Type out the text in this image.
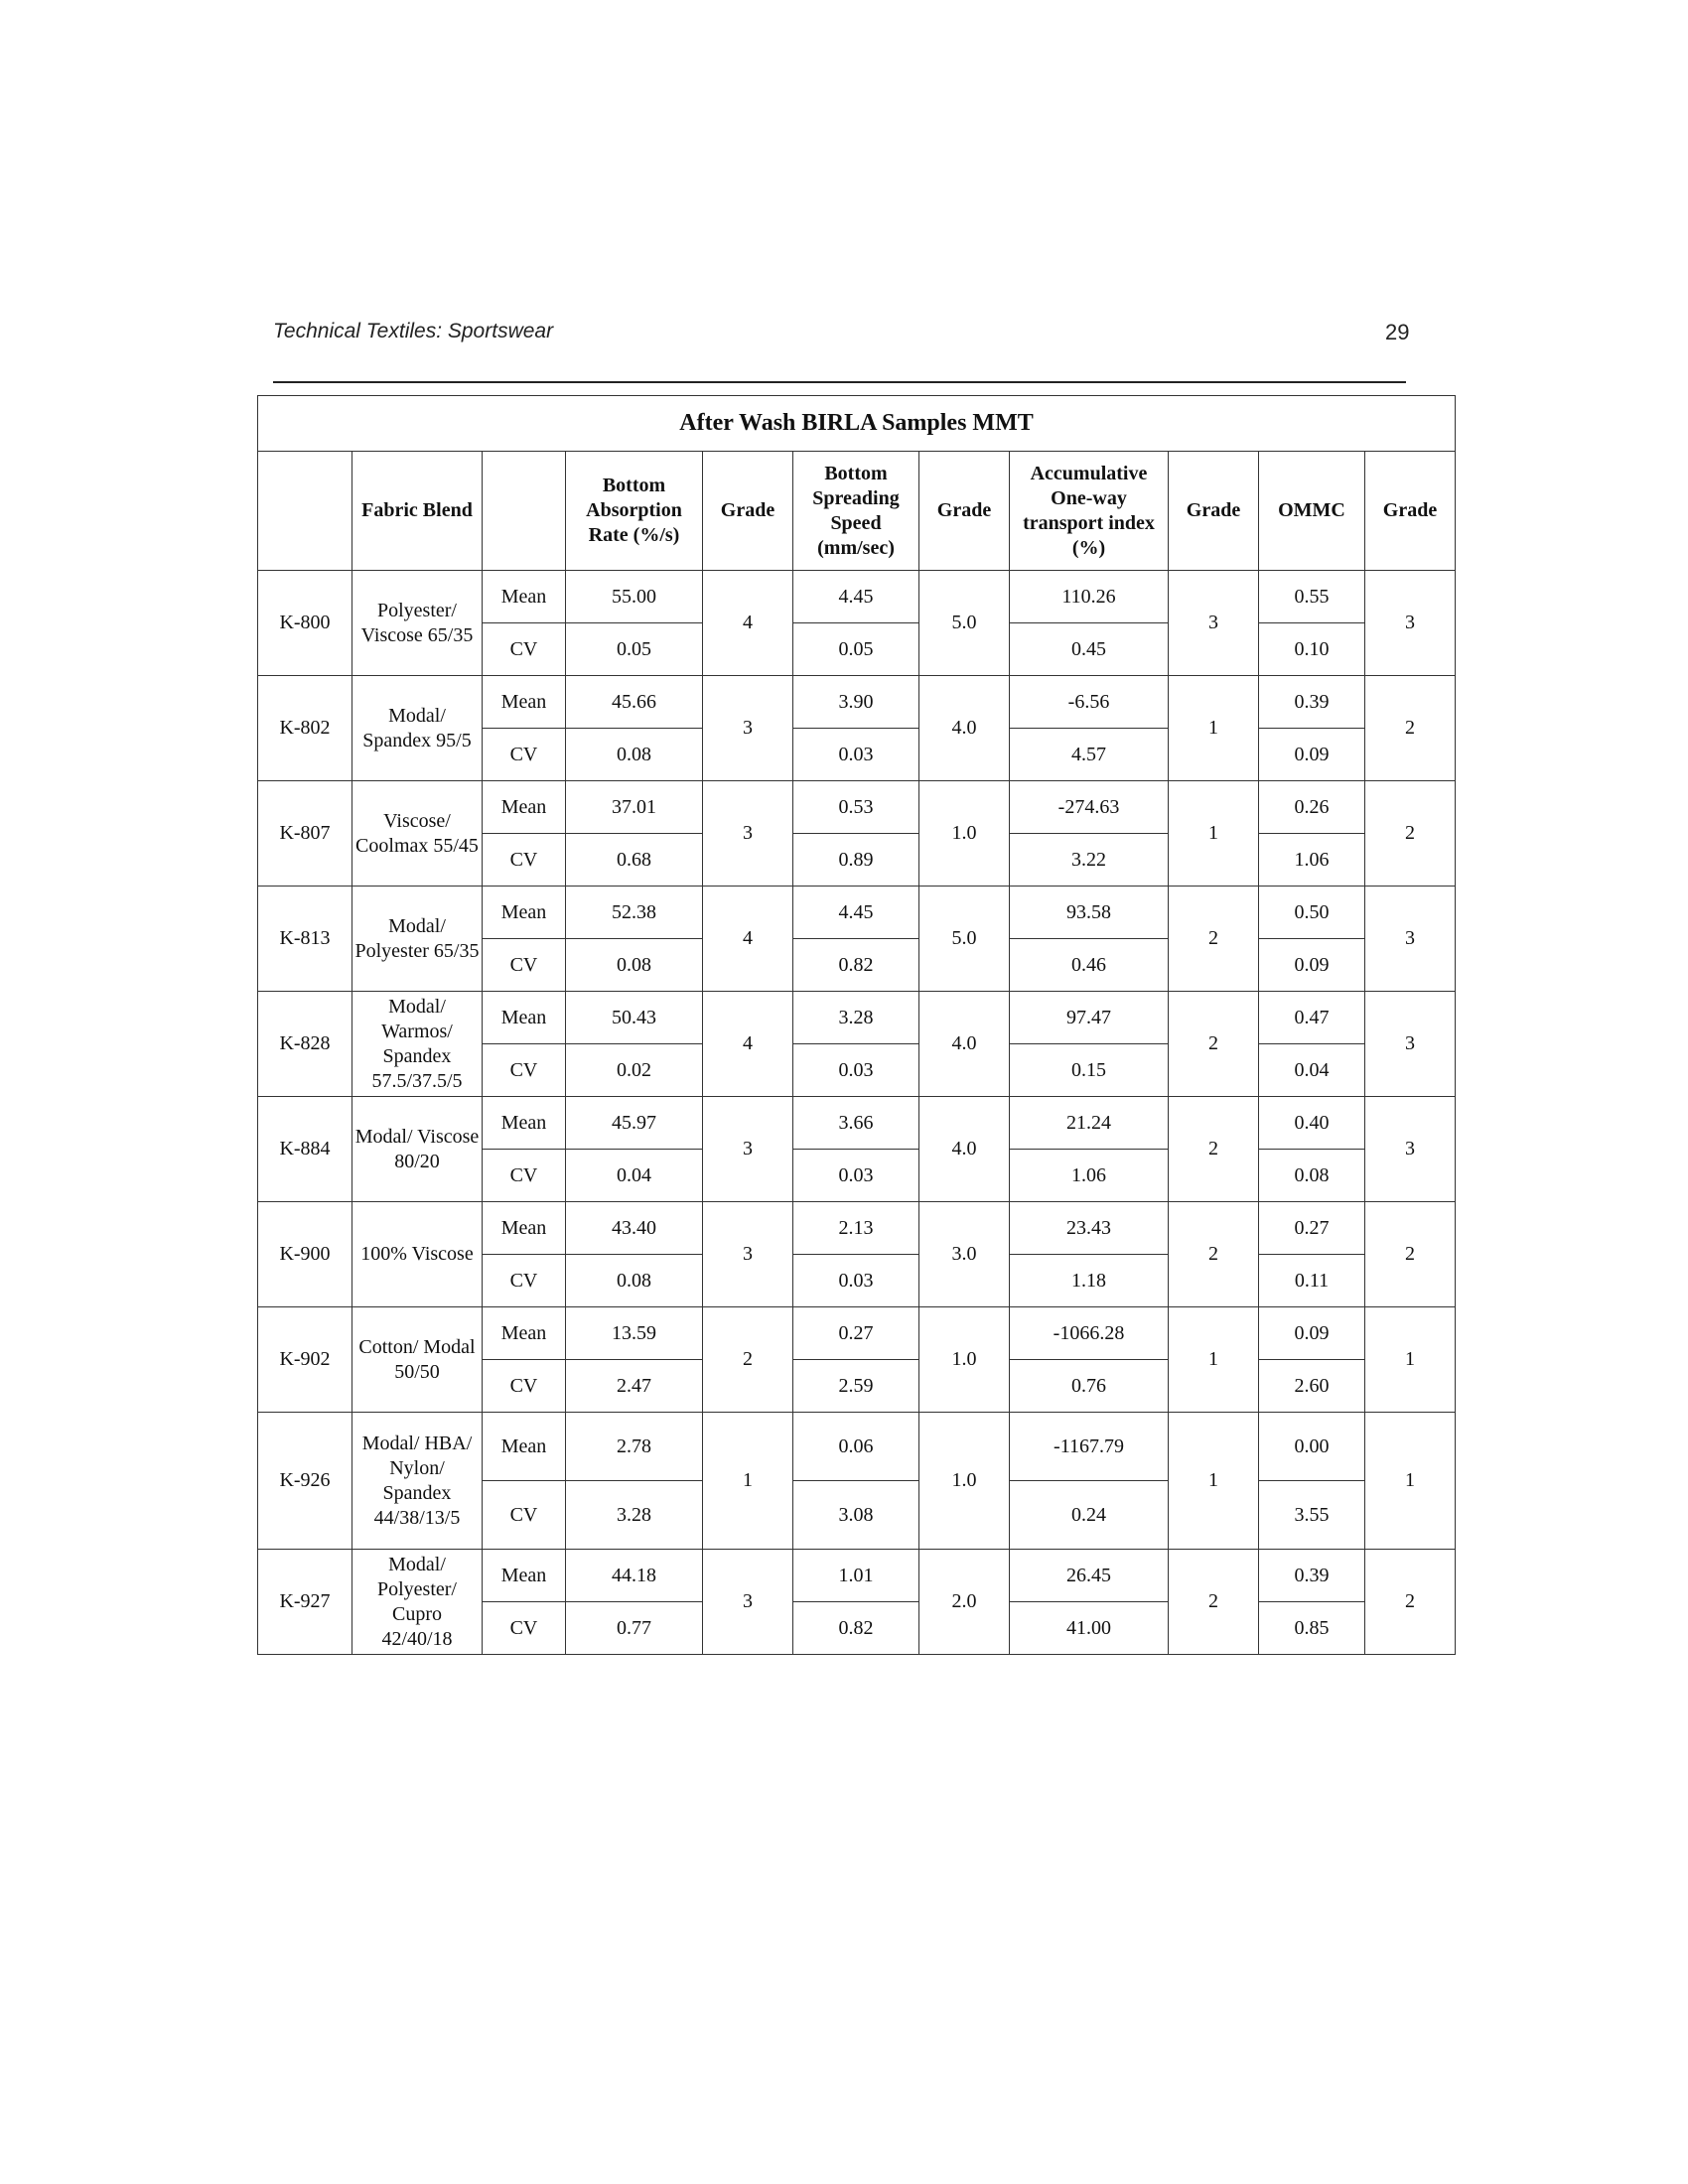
Technical Textiles: Sportswear	29
After Wash BIRLA Samples MMT										
	Fabric Blend		Bottom Absorption Rate (%/s)	Grade	Bottom Spreading Speed (mm/sec)	Grade	Accumulative One-way transport index (%)	Grade	OMMC	Grade
K-800	Polyester/ Viscose 65/35	Mean	55.00	4	4.45	5.0	110.26	3	0.55	3
		CV	0.05		0.05		0.45		0.10	
K-802	Modal/ Spandex 95/5	Mean	45.66	3	3.90	4.0	-6.56	1	0.39	2
		CV	0.08		0.03		4.57		0.09	
K-807	Viscose/ Coolmax 55/45	Mean	37.01	3	0.53	1.0	-274.63	1	0.26	2
		CV	0.68		0.89		3.22		1.06	
K-813	Modal/ Polyester 65/35	Mean	52.38	4	4.45	5.0	93.58	2	0.50	3
		CV	0.08		0.82		0.46		0.09	
K-828	Modal/ Warmos/ Spandex 57.5/37.5/5	Mean	50.43	4	3.28	4.0	97.47	2	0.47	3
		CV	0.02		0.03		0.15		0.04	
K-884	Modal/ Viscose 80/20	Mean	45.97	3	3.66	4.0	21.24	2	0.40	3
		CV	0.04		0.03		1.06		0.08	
K-900	100% Viscose	Mean	43.40	3	2.13	3.0	23.43	2	0.27	2
		CV	0.08		0.03		1.18		0.11	
K-902	Cotton/ Modal 50/50	Mean	13.59	2	0.27	1.0	-1066.28	1	0.09	1
		CV	2.47		2.59		0.76		2.60	
K-926	Modal/ HBA/ Nylon/ Spandex 44/38/13/5	Mean	2.78	1	0.06	1.0	-1167.79	1	0.00	1
		CV	3.28		3.08		0.24		3.55	
K-927	Modal/ Polyester/ Cupro 42/40/18	Mean	44.18	3	1.01	2.0	26.45	2	0.39	2
		CV	0.77		0.82		41.00		0.85	
